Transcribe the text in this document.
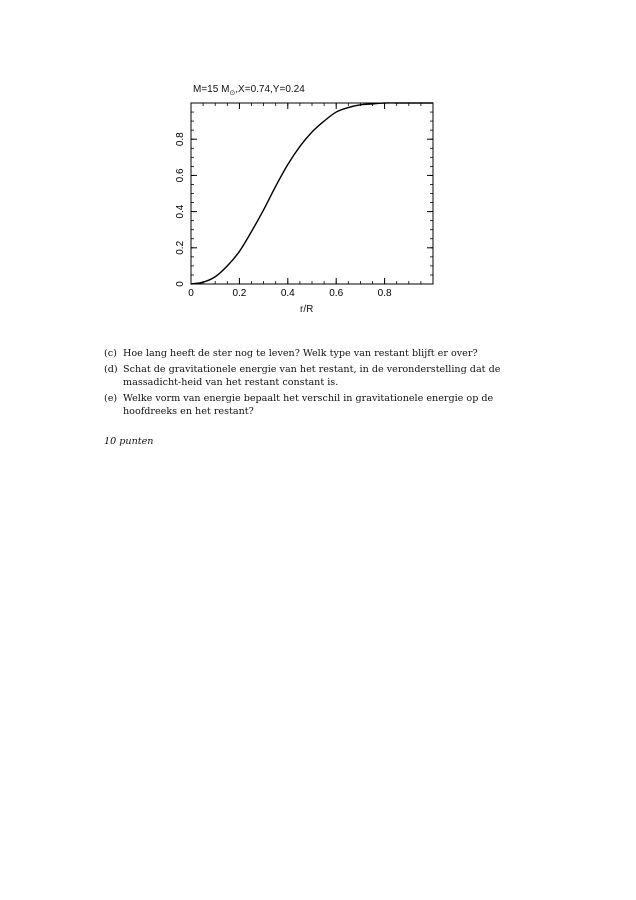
M=15 $M_⊙,X=0.74,Y=0.24$
0	0.2	0.4	0.6	0.8
0
0.2
0.4
0.6
0.8
r/R
(c) Hoe lang heeft de ster nog te leven? Welk type van restant blijft er over?
(d) Schat de gravitationele energie van het restant, in de veronderstelling dat de massadicht-heid van het restant constant is.
(e) Welke vorm van energie bepaalt het verschil in gravitationele energie op de hoofdreeks en het restant?
10 punten
